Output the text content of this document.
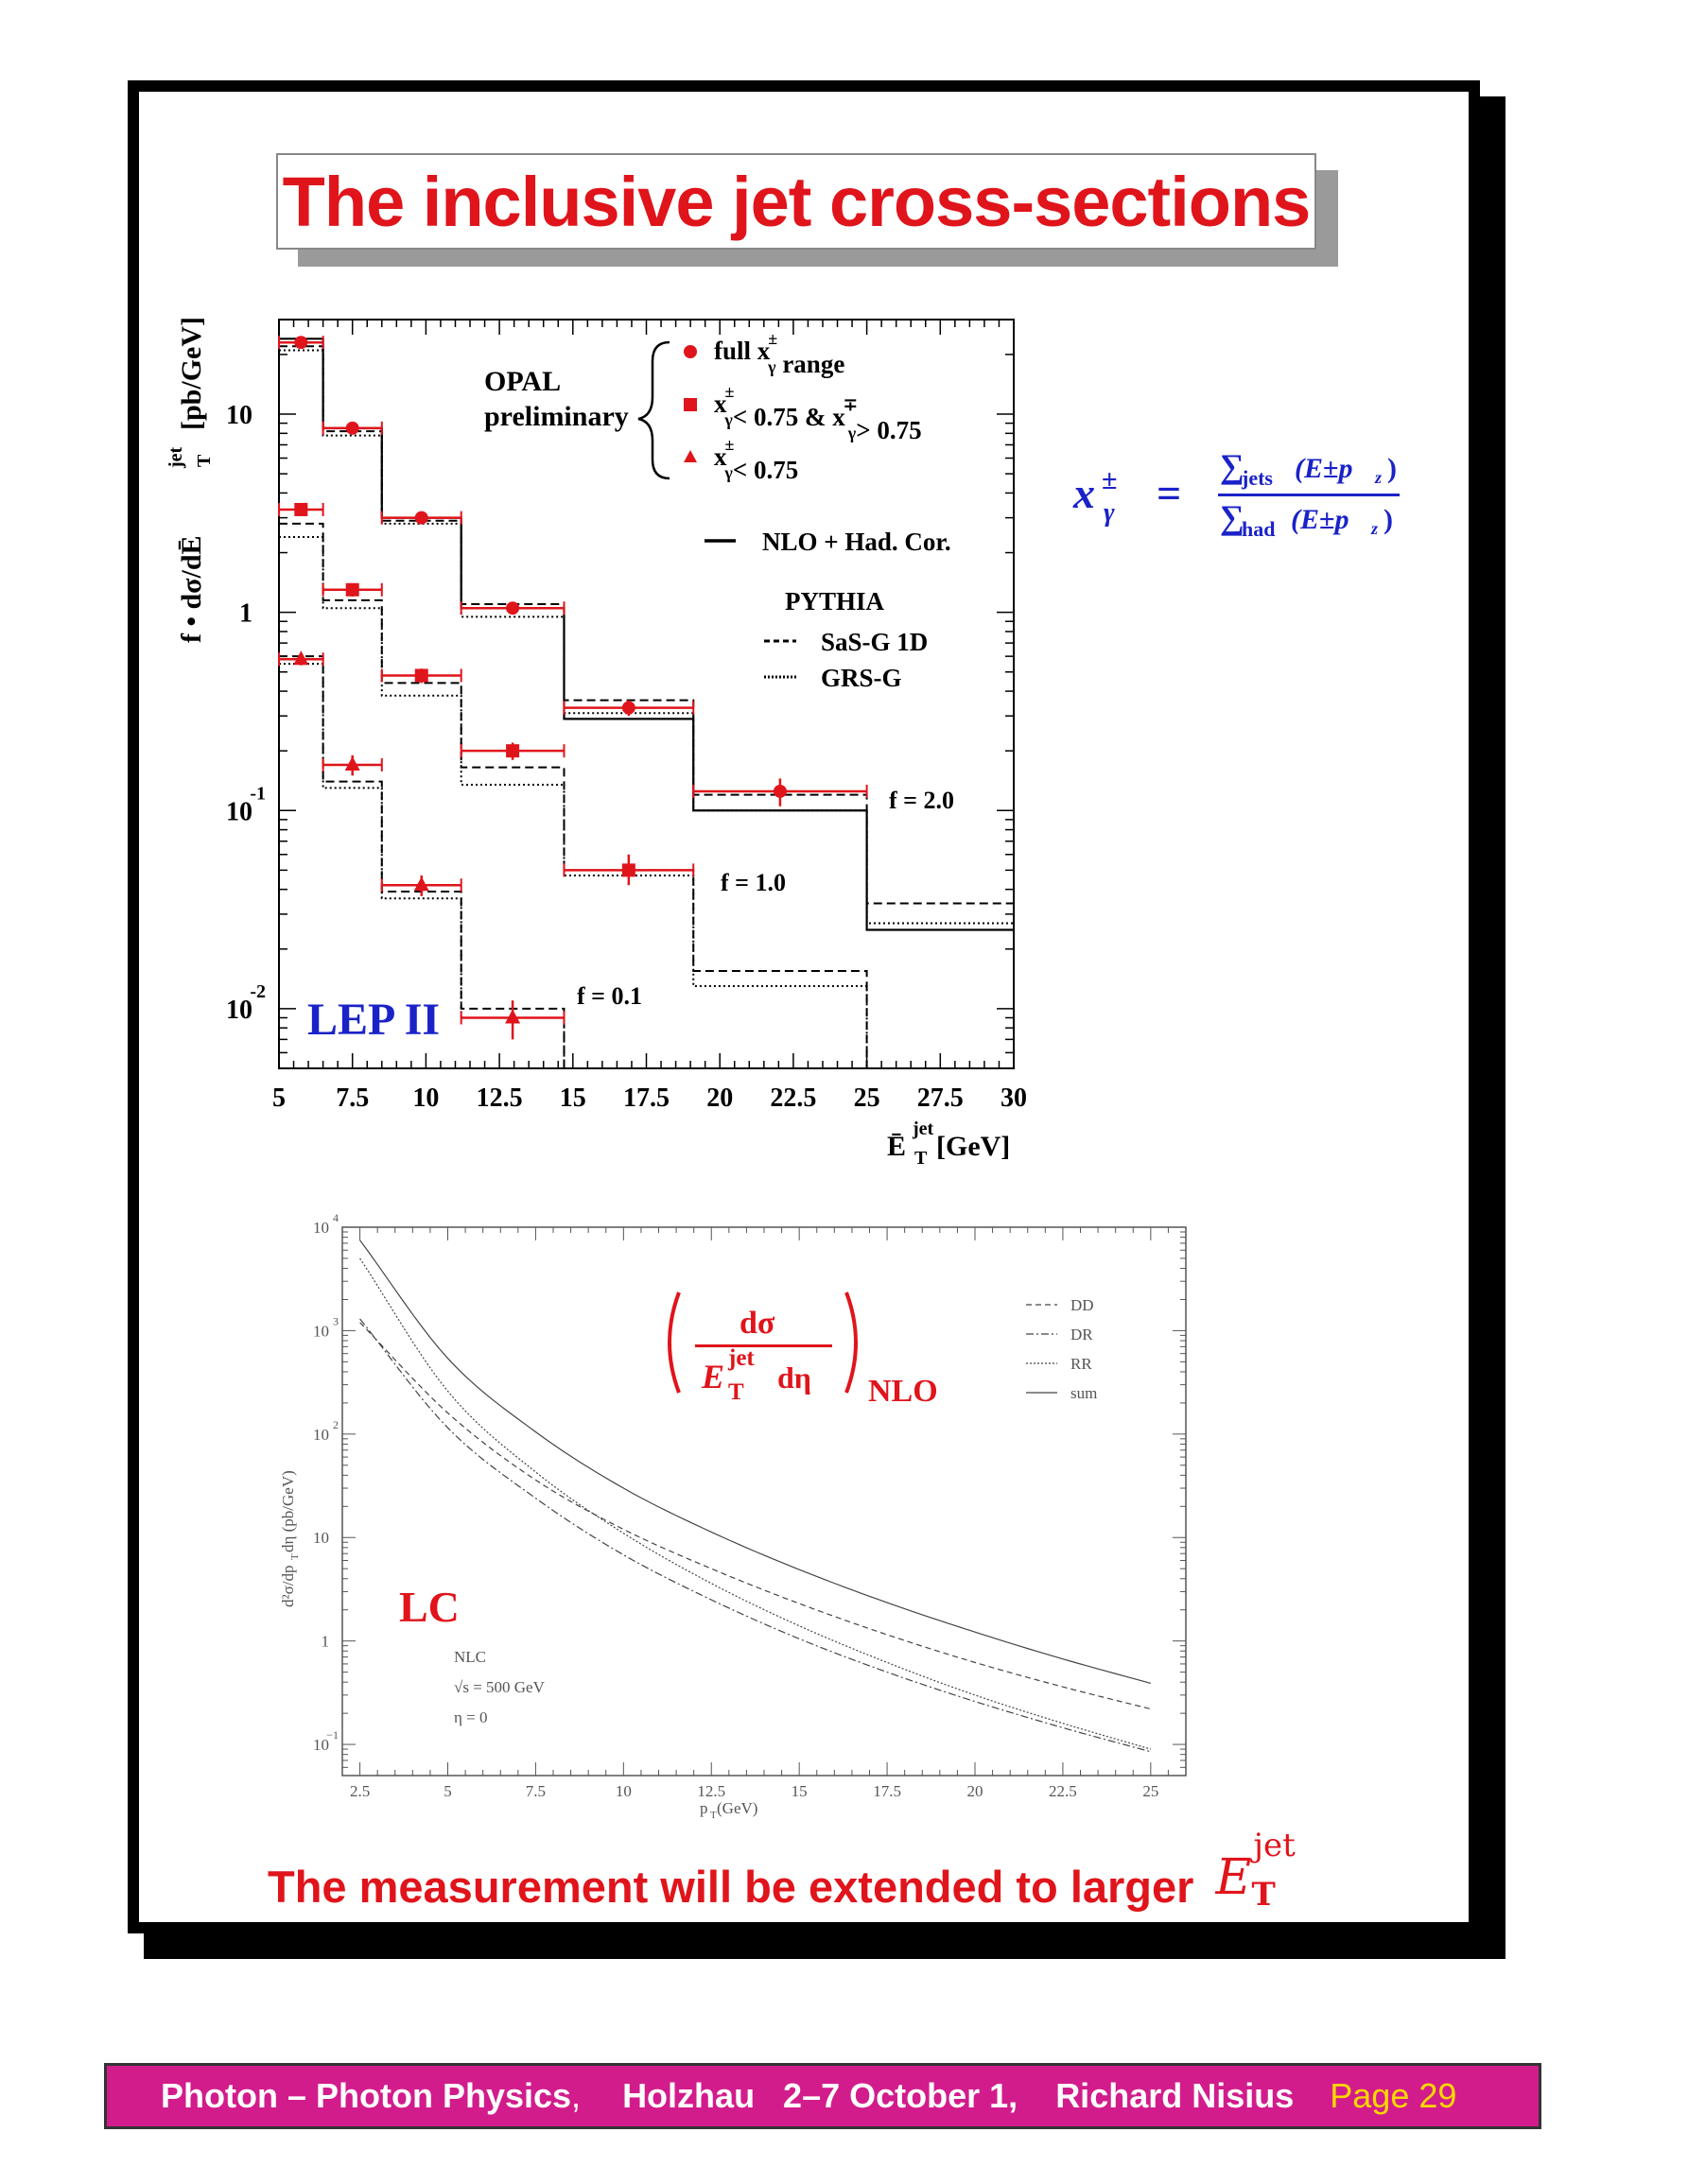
The inclusive jet cross-sections
5 7.5 10 12.5 15 17.5 20 22.5 25 27.5 30
10
1
10
-1
10
-2
Ē
jet
T [GeV]
f • dσ/dĒ
jet T
[pb/GeV]
f = 2.0
f = 1.0
f = 0.1
OPAL
preliminary
LEP II
full x± γ range
x± γ< 0.75 & x∓ γ> 0.75
x± γ< 0.75
NLO + Had. Cor.
PYTHIA
SaS-G 1D
GRS-G
x ±
γ =
∑
jets (E±p z )
∑
had (E±p z )
2.5	5	7.5	10	12.5	15	17.5	20	22.5	25
10
4
10
3
10
2
10
1
10
−1
p T (GeV)
d²σ/dp
T
dη (pb/GeV)
DD
DR
RR
sum
LC
NLC
√s = 500 GeV
η = 0
dσ
E jet
T dη NLO
The measurement will be extended to larger E
jet
T
Photon – Photon Physics , Holzhau   2–7 October 1, Richard Nisius Page 29
